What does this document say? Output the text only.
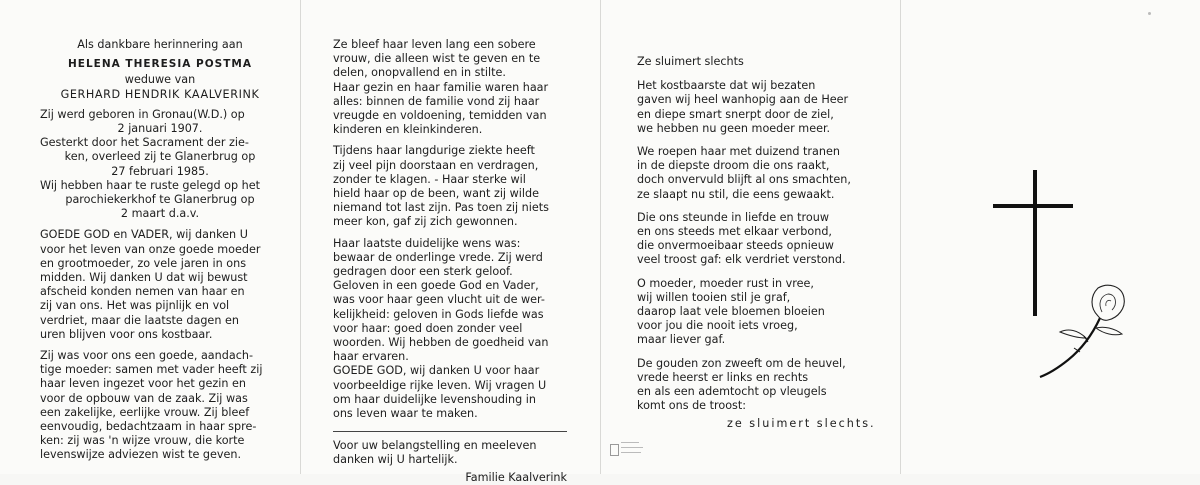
Als dankbare herinnering aan
HELENA THERESIA POSTMA
weduwe van
GERHARD HENDRIK KAALVERINK
Zij werd geboren in Gronau(W.D.) op
2 januari 1907.
Gesterkt door het Sacrament der zie-
ken, overleed zij te Glanerbrug op
27 februari 1985.
Wij hebben haar te ruste gelegd op het
parochiekerkhof te Glanerbrug op
2 maart d.a.v.
GOEDE GOD en VADER, wij danken U
voor het leven van onze goede moeder
en grootmoeder, zo vele jaren in ons
midden. Wij danken U dat wij bewust
afscheid konden nemen van haar en
zij van ons. Het was pijnlijk en vol
verdriet, maar die laatste dagen en
uren blijven voor ons kostbaar.
Zij was voor ons een goede, aandach-
tige moeder: samen met vader heeft zij
haar leven ingezet voor het gezin en
voor de opbouw van de zaak. Zij was
een zakelijke, eerlijke vrouw. Zij bleef
eenvoudig, bedachtzaam in haar spre-
ken: zij was 'n wijze vrouw, die korte
levenswijze adviezen wist te geven.
Ze bleef haar leven lang een sobere
vrouw, die alleen wist te geven en te
delen, onopvallend en in stilte.
Haar gezin en haar familie waren haar
alles: binnen de familie vond zij haar
vreugde en voldoening, temidden van
kinderen en kleinkinderen.
Tijdens haar langdurige ziekte heeft
zij veel pijn doorstaan en verdragen,
zonder te klagen. - Haar sterke wil
hield haar op de been, want zij wilde
niemand tot last zijn. Pas toen zij niets
meer kon, gaf zij zich gewonnen.
Haar laatste duidelijke wens was:
bewaar de onderlinge vrede. Zij werd
gedragen door een sterk geloof.
Geloven in een goede God en Vader,
was voor haar geen vlucht uit de wer-
kelijkheid: geloven in Gods liefde was
voor haar: goed doen zonder veel
woorden. Wij hebben de goedheid van
haar ervaren.
GOEDE GOD, wij danken U voor haar
voorbeeldige rijke leven. Wij vragen U
om haar duidelijke levenshouding in
ons leven waar te maken.
Voor uw belangstelling en meeleven
danken wij U hartelijk.
Familie Kaalverink
Ze sluimert slechts
Het kostbaarste dat wij bezaten
gaven wij heel wanhopig aan de Heer
en diepe smart snerpt door de ziel,
we hebben nu geen moeder meer.
We roepen haar met duizend tranen
in de diepste droom die ons raakt,
doch onvervuld blijft al ons smachten,
ze slaapt nu stil, die eens gewaakt.
Die ons steunde in liefde en trouw
en ons steeds met elkaar verbond,
die onvermoeibaar steeds opnieuw
veel troost gaf: elk verdriet verstond.
O moeder, moeder rust in vree,
wij willen tooien stil je graf,
daarop laat vele bloemen bloeien
voor jou die nooit iets vroeg,
maar liever gaf.
De gouden zon zweeft om de heuvel,
vrede heerst er links en rechts
en als een ademtocht op vleugels
komt ons de troost:
ze sluimert slechts.
